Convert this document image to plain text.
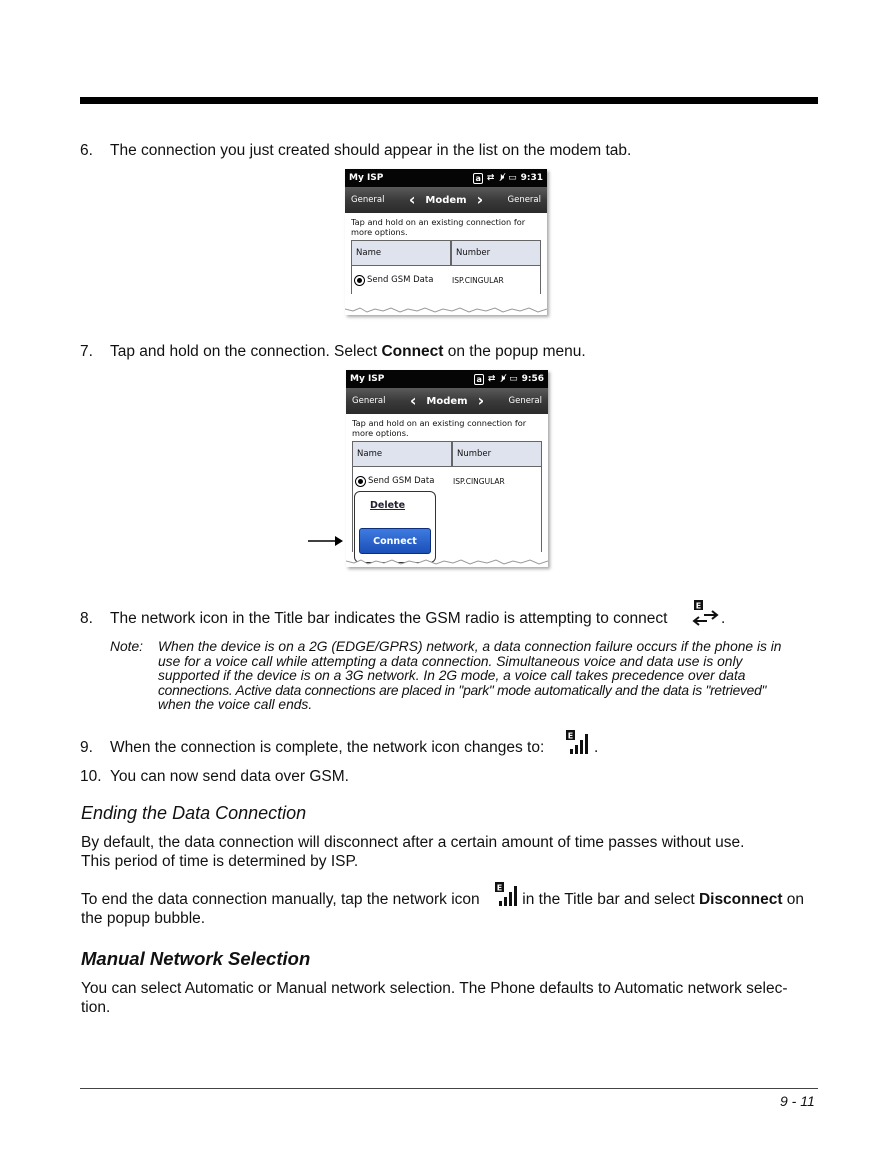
6. The connection you just created should appear in the list on the modem tab.
My ISP	a ⇄ 🕨̸ ▭ 9:31
General ‹ Modem ›	General
Tap and hold on an existing connection for
more options.
Name	Number
Send GSM Data ISP.CINGULAR
7. Tap and hold on the connection. Select Connect on the popup menu.
My ISP	a ⇄ 🕨̸ ▭ 9:56
General ‹ Modem ›	General
Tap and hold on an existing connection for
more options.
Name	Number
Send GSM Data ISP.CINGULAR
Delete
Connect
8. The network icon in the Title bar indicates the GSM radio is attempting to connect
E
.
Note: When the device is on a 2G (EDGE/GPRS) network, a data connection failure occurs if the phone is in
use for a voice call while attempting a data connection. Simultaneous voice and data use is only
supported if the device is on a 3G network. In 2G mode, a voice call takes precedence over data
connections. Active data connections are placed in "park" mode automatically and the data is "retrieved"
when the voice call ends.
9. When the connection is complete, the network icon changes to:
E
.
10. You can now send data over GSM.
Ending the Data Connection
By default, the data connection will disconnect after a certain amount of time passes without use.
This period of time is determined by ISP.
To end the data connection manually, tap the network icon
E
in the Title bar and select Disconnect on
the popup bubble.
Manual Network Selection
You can select Automatic or Manual network selection. The Phone defaults to Automatic network selec-
tion.
9 - 11
